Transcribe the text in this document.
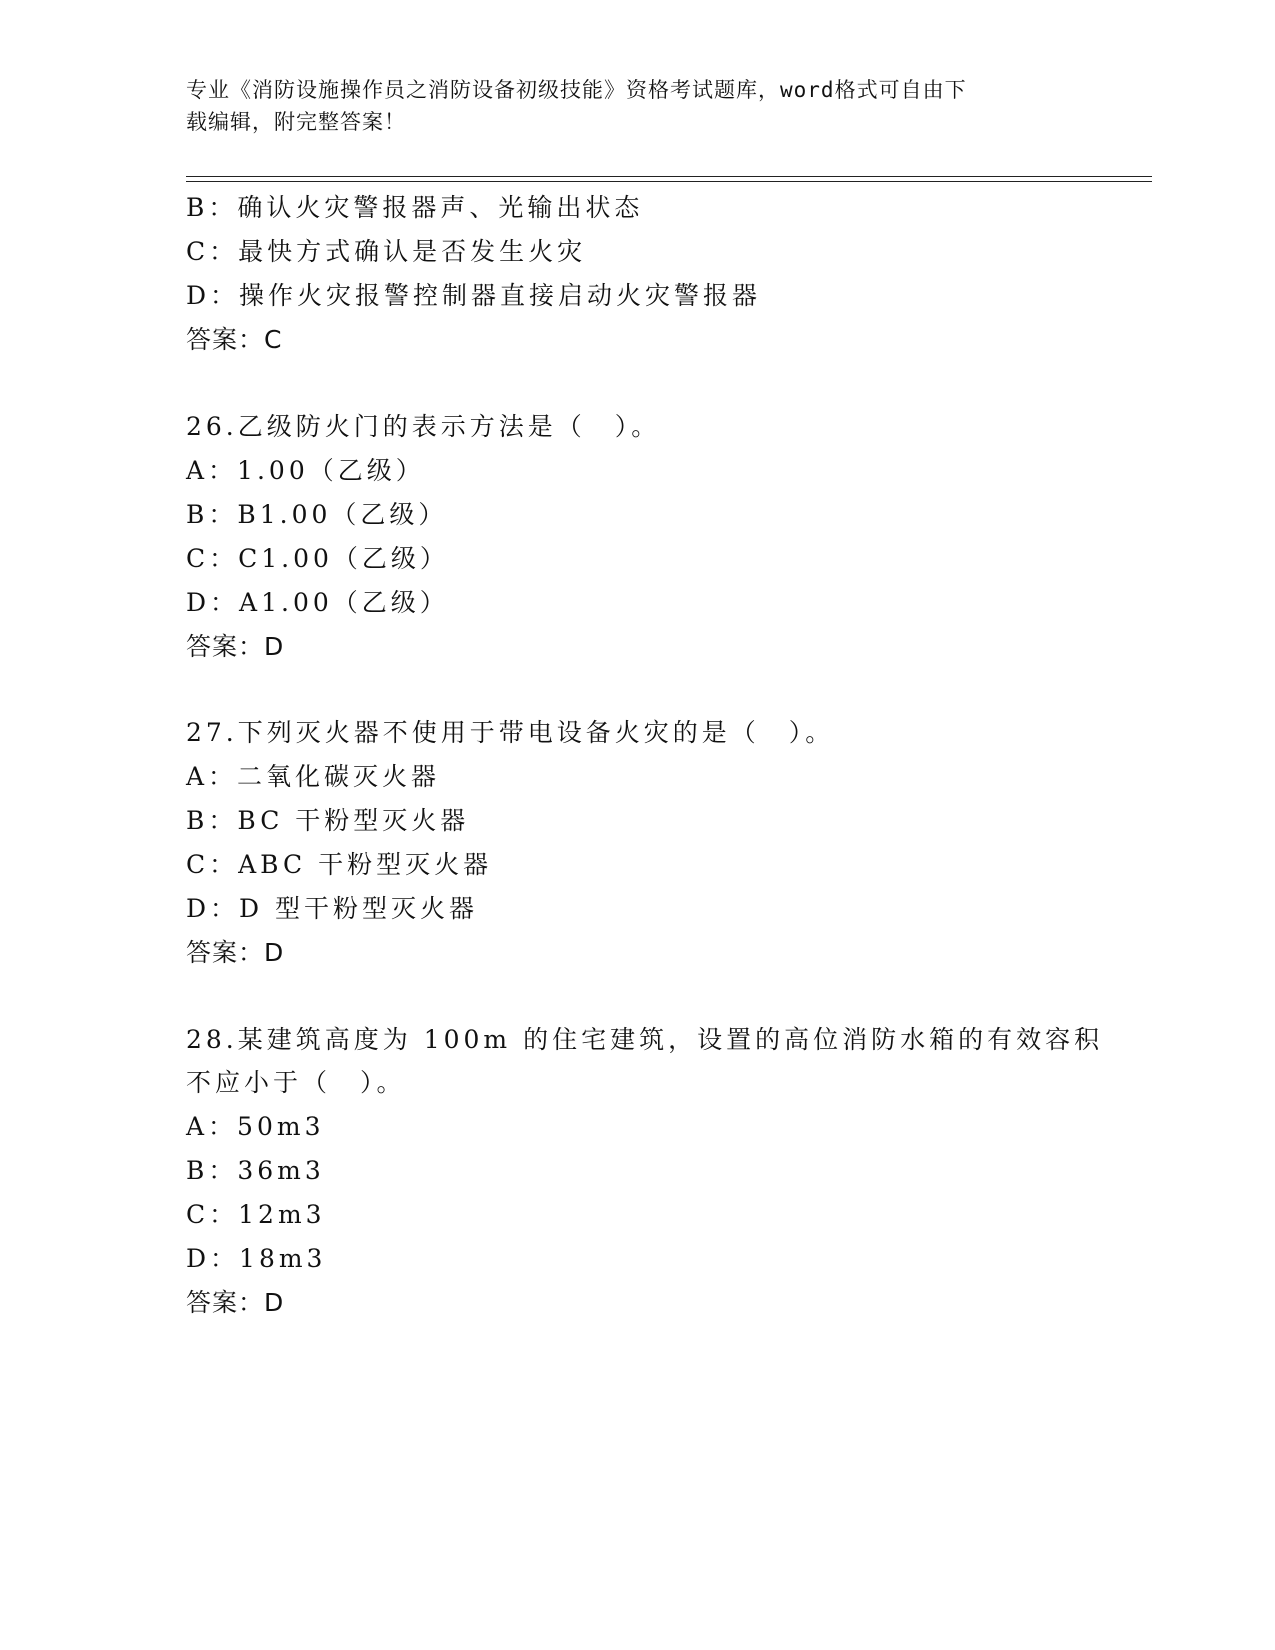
专业《消防设施操作员之消防设备初级技能》资格考试题库，word格式可自由下
载编辑，附完整答案！
B：确认火灾警报器声、光输出状态
C：最快方式确认是否发生火灾
D：操作火灾报警控制器直接启动火灾警报器
答案：C
26.乙级防火门的表示方法是（　）。
A：1.00（乙级）
B：B1.00（乙级）
C：C1.00（乙级）
D：A1.00（乙级）
答案：D
27.下列灭火器不使用于带电设备火灾的是（　）。
A：二氧化碳灭火器
B：BC 干粉型灭火器
C：ABC 干粉型灭火器
D：D 型干粉型灭火器
答案：D
28.某建筑高度为 100m 的住宅建筑，设置的高位消防水箱的有效容积
不应小于（　）。
A：50m3
B：36m3
C：12m3
D：18m3
答案：D
